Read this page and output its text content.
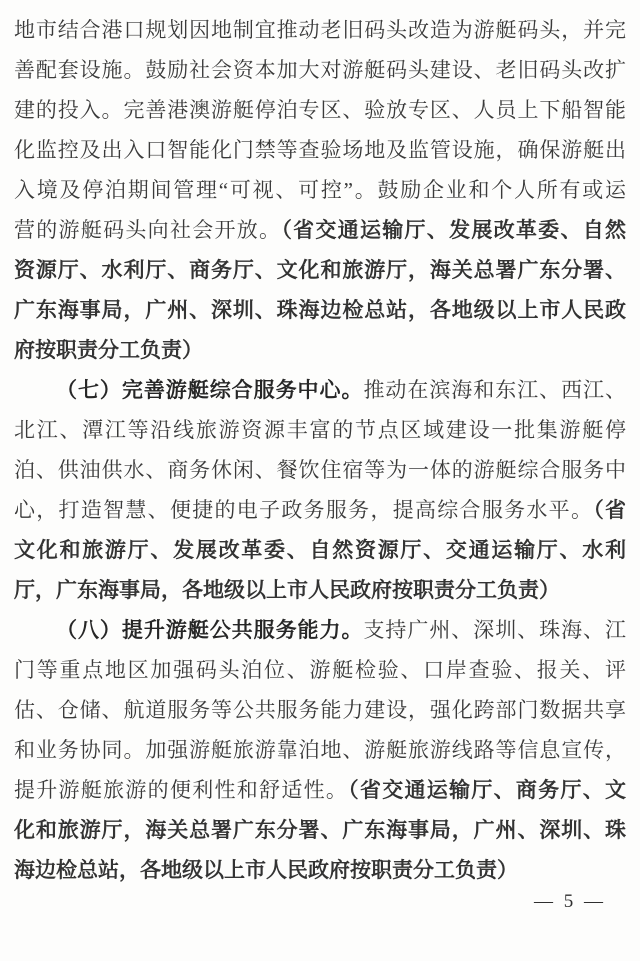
地市结合港口规划因地制宜推动老旧码头改造为游艇码头，并完
善配套设施。鼓励社会资本加大对游艇码头建设、老旧码头改扩
建的投入。完善港澳游艇停泊专区、验放专区、人员上下船智能
化监控及出入口智能化门禁等查验场地及监管设施，确保游艇出
入境及停泊期间管理“可视、可控”。鼓励企业和个人所有或运
营的游艇码头向社会开放。（省交通运输厅、发展改革委、自然
资源厅、水利厅、商务厅、文化和旅游厅，海关总署广东分署、
广东海事局，广州、深圳、珠海边检总站，各地级以上市人民政
府按职责分工负责）
（七）完善游艇综合服务中心。推动在滨海和东江、西江、
北江、潭江等沿线旅游资源丰富的节点区域建设一批集游艇停
泊、供油供水、商务休闲、餐饮住宿等为一体的游艇综合服务中
心，打造智慧、便捷的电子政务服务，提高综合服务水平。（省
文化和旅游厅、发展改革委、自然资源厅、交通运输厅、水利
厅，广东海事局，各地级以上市人民政府按职责分工负责）
（八）提升游艇公共服务能力。支持广州、深圳、珠海、江
门等重点地区加强码头泊位、游艇检验、口岸查验、报关、评
估、仓储、航道服务等公共服务能力建设，强化跨部门数据共享
和业务协同。加强游艇旅游靠泊地、游艇旅游线路等信息宣传，
提升游艇旅游的便利性和舒适性。（省交通运输厅、商务厅、文
化和旅游厅，海关总署广东分署、广东海事局，广州、深圳、珠
海边检总站，各地级以上市人民政府按职责分工负责）
— 5 —
